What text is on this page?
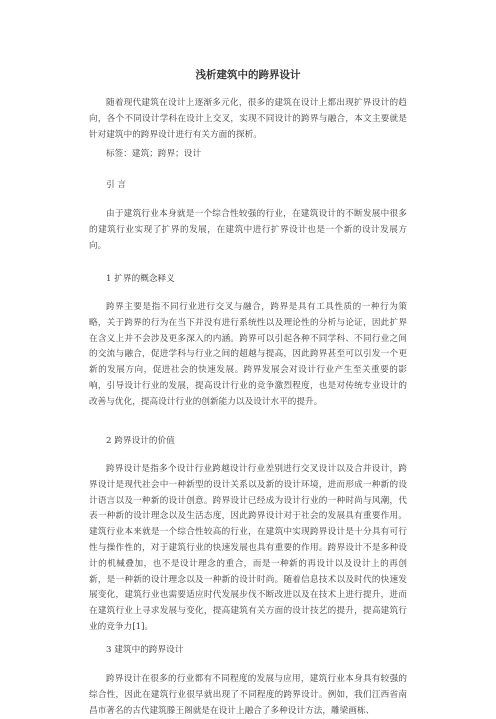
浅析建筑中的跨界设计
随着现代建筑在设计上逐渐多元化，很多的建筑在设计上都出现扩界设计的趋向，各个不同设计学科在设计上交叉，实现不同设计的跨界与融合，本文主要就是针对建筑中的跨界设计进行有关方面的探析。
标签：建筑；跨界；设计
引 言
由于建筑行业本身就是一个综合性较强的行业，在建筑设计的不断发展中很多的建筑行业实现了扩界的发展，在建筑中进行扩界设计也是一个新的设计发展方向。
1 扩界的概念释义
跨界主要是指不同行业进行交叉与融合，跨界是具有工具性质的一种行为策略，关于跨界的行为在当下并没有进行系统性以及理论性的分析与论证，因此扩界在含义上并不会涉及更多深入的内涵。跨界可以引起各种不同学科、不同行业之间的交流与融合，促进学科与行业之间的超越与提高，因此跨界甚至可以引发一个更新的发展方向，促进社会的快速发展。跨界发展会对设计行业产生至关重要的影响，引导设计行业的发展，提高设计行业的竞争激烈程度，也是对传统专业设计的改善与优化，提高设计行业的创新能力以及设计水平的提升。
2 跨界设计的价值
跨界设计是指多个设计行业跨越设计行业差别进行交叉设计以及合并设计，跨界设计是现代社会中一种新型的设计关系以及新的设计环境，进而形成一种新的设计语言以及一种新的设计创意。跨界设计已经成为设计行业的一种时尚与风潮，代表一种新的设计理念以及生活态度，因此跨界设计对于社会的发展具有重要作用。建筑行业本来就是一个综合性较高的行业，在建筑中实现跨界设计是十分具有可行性与操作性的，对于建筑行业的快速发展也具有重要的作用。跨界设计不是多种设计的机械叠加，也不是设计理念的重合，而是一种新的再设计以及设计上的再创新，是一种新的设计理念以及一种新的设计时尚。随着信息技术以及时代的快速发展变化，建筑行业也需要适应时代发展步伐不断改进以及在技术上进行提升，进而在建筑行业上寻求发展与变化，提高建筑有关方面的设计技艺的提升，提高建筑行业的竞争力[1]。
3 建筑中的跨界设计
跨界设计在很多的行业都有不同程度的发展与应用，建筑行业本身具有较强的综合性，因此在建筑行业很早就出现了不同程度的跨界设计。例如，我们江西省南昌市著名的古代建筑滕王阁就是在设计上融合了多种设计方法，雕梁画栋、
